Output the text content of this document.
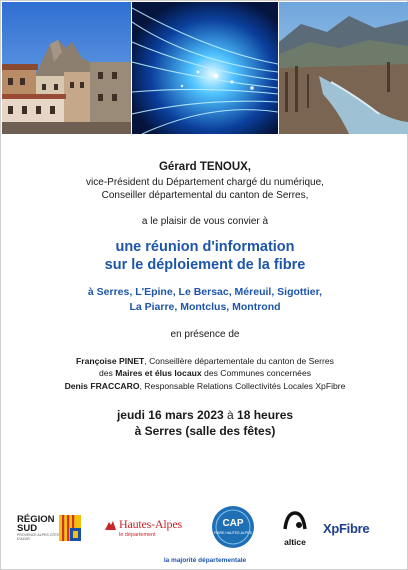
Gérard TENOUX,
vice-Président du Département chargé du numérique,
Conseiller départemental du canton de Serres,
a le plaisir de vous convier à
une réunion d'information
sur le déploiement de la fibre
à Serres, L'Epine, Le Bersac, Méreuil, Sigottier,
La Piarre, Montclus, Montrond
en présence de
Françoise PINET, Conseillère départementale du canton de Serres
des Maires et élus locaux des Communes concernées
Denis FRACCARO, Responsable Relations Collectivités Locales XpFibre
jeudi 16 mars 2023 à 18 heures
à Serres (salle des fêtes)
RÉGION
SUD
PROVENCE ALPES CÔTE D'AZUR
Hautes-Alpes
le département
CAP
FIBRE HAUTES-ALPES
altice
XpFibre
la majorité départementale
